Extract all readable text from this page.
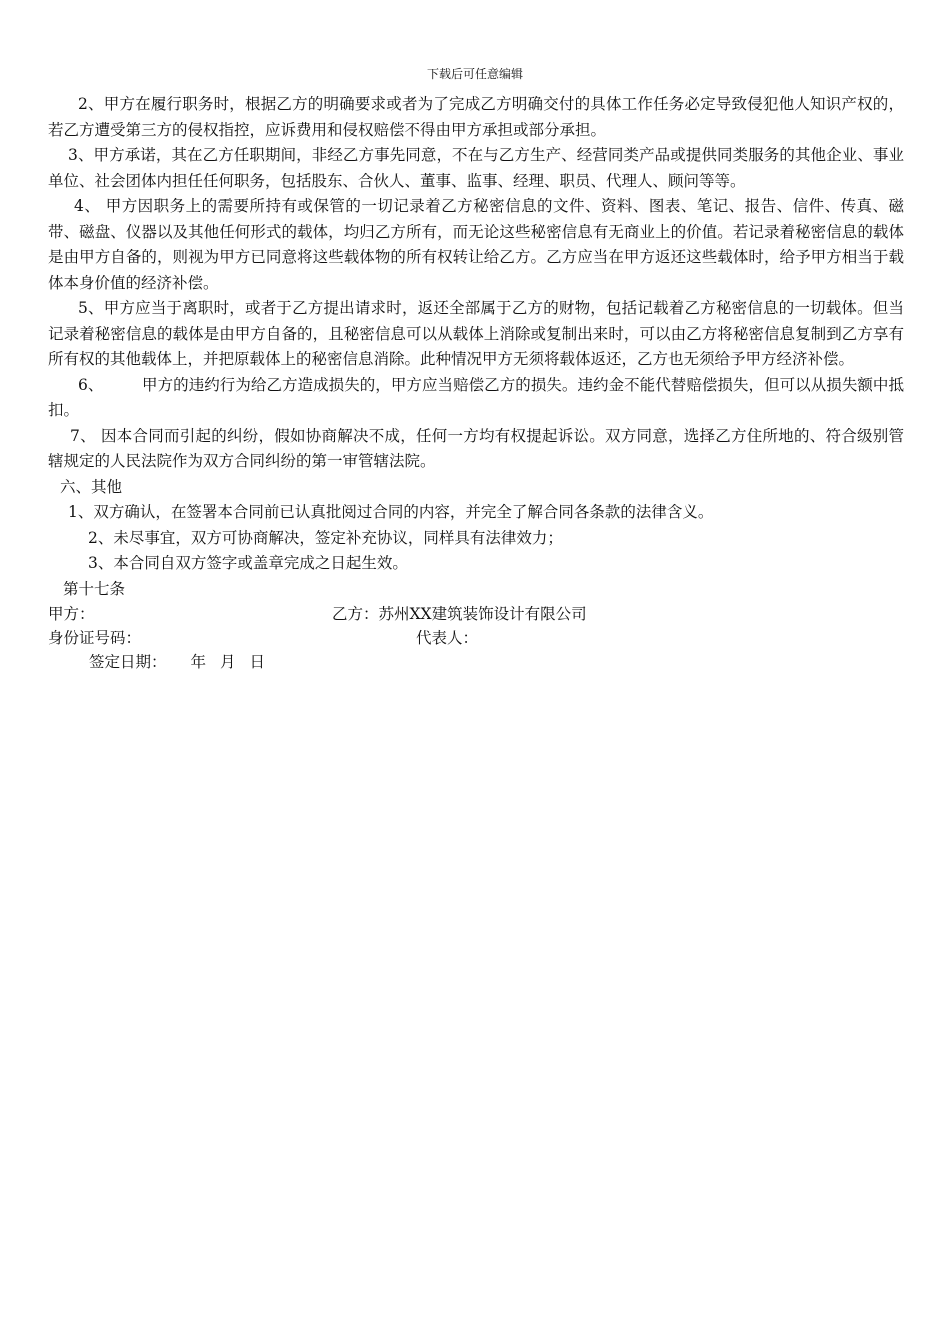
下载后可任意编辑

2、甲方在履行职务时，根据乙方的明确要求或者为了完成乙方明确交付的具体工作任务必定导致侵犯他人知识产权的，若乙方遭受第三方的侵权指控，应诉费用和侵权赔偿不得由甲方承担或部分承担。

3、甲方承诺，其在乙方任职期间，非经乙方事先同意，不在与乙方生产、经营同类产品或提供同类服务的其他企业、事业单位、社会团体内担任任何职务，包括股东、合伙人、董事、监事、经理、职员、代理人、顾问等等。

4、 甲方因职务上的需要所持有或保管的一切记录着乙方秘密信息的文件、资料、图表、笔记、报告、信件、传真、磁带、磁盘、仪器以及其他任何形式的载体，均归乙方所有，而无论这些秘密信息有无商业上的价值。若记录着秘密信息的载体是由甲方自备的，则视为甲方已同意将这些载体物的所有权转让给乙方。乙方应当在甲方返还这些载体时，给予甲方相当于载体本身价值的经济补偿。

5、甲方应当于离职时，或者于乙方提出请求时，返还全部属于乙方的财物，包括记载着乙方秘密信息的一切载体。但当记录着秘密信息的载体是由甲方自备的，且秘密信息可以从载体上消除或复制出来时，可以由乙方将秘密信息复制到乙方享有所有权的其他载体上，并把原载体上的秘密信息消除。此种情况甲方无须将载体返还，乙方也无须给予甲方经济补偿。

6、 甲方的违约行为给乙方造成损失的，甲方应当赔偿乙方的损失。违约金不能代替赔偿损失，但可以从损失额中抵扣。

7、 因本合同而引起的纠纷，假如协商解决不成，任何一方均有权提起诉讼。双方同意，选择乙方住所地的、符合级别管辖规定的人民法院作为双方合同纠纷的第一审管辖法院。

六、其他

1、双方确认，在签署本合同前已认真批阅过合同的内容，并完全了解合同各条款的法律含义。

2、未尽事宜，双方可协商解决，签定补充协议，同样具有法律效力；

3、本合同自双方签字或盖章完成之日起生效。

第十七条

甲方：	乙方：苏州XX建筑装饰设计有限公司
身份证号码：	代表人：

签定日期： 年 月 日
